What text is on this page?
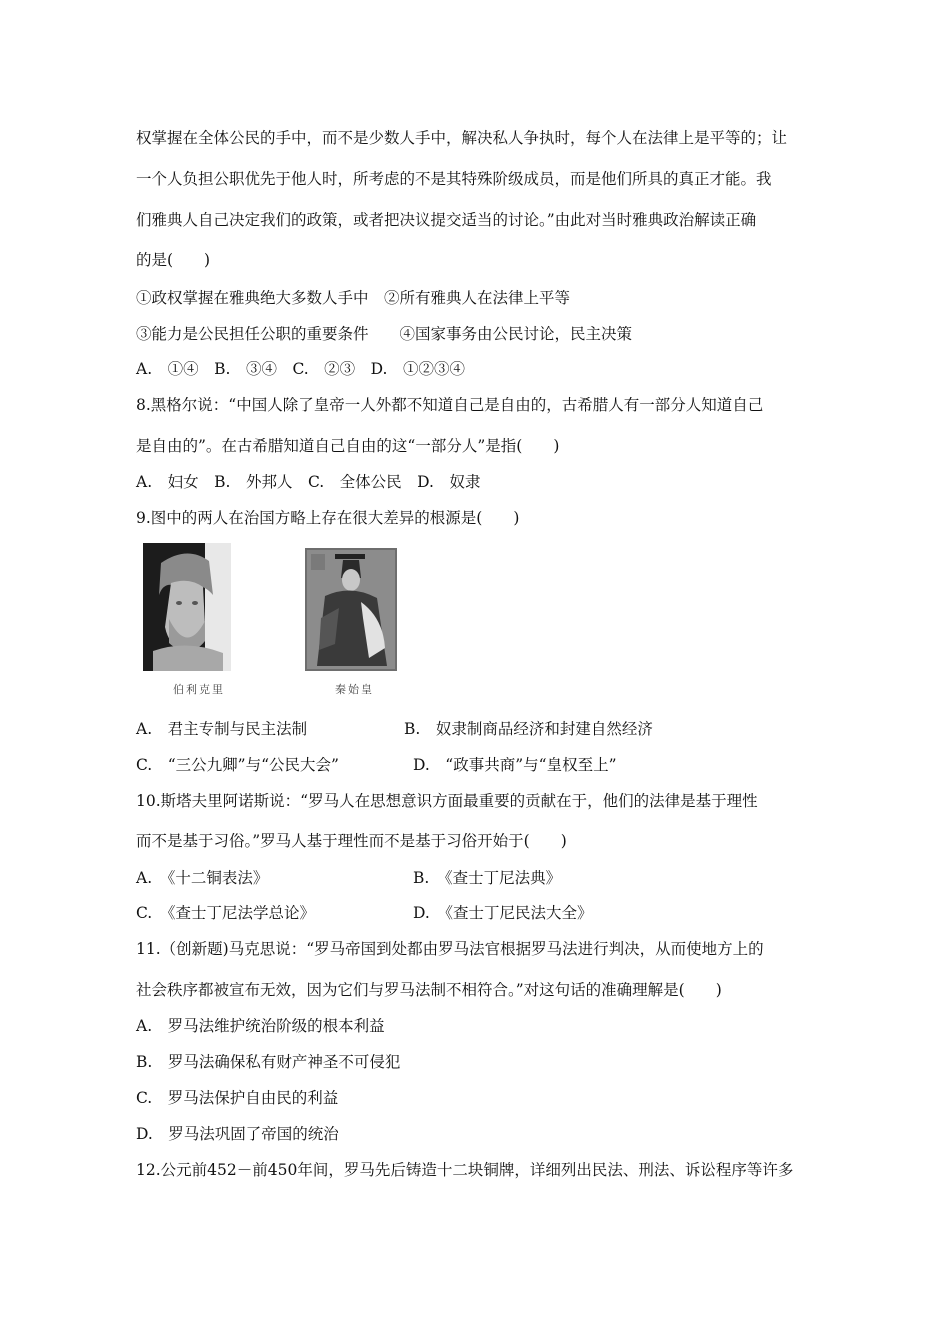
权掌握在全体公民的手中，而不是少数人手中，解决私人争执时，每个人在法律上是平等的；让
一个人负担公职优先于他人时，所考虑的不是其特殊阶级成员，而是他们所具的真正才能。我
们雅典人自己决定我们的政策，或者把决议提交适当的讨论。”由此对当时雅典政治解读正确
的是(　　)
①政权掌握在雅典绝大多数人手中　②所有雅典人在法律上平等
③能力是公民担任公职的重要条件　　④国家事务由公民讨论，民主决策
A.　①④　B.　③④　C.　②③　D.　①②③④
8.黑格尔说：“中国人除了皇帝一人外都不知道自己是自由的，古希腊人有一部分人知道自己
是自由的”。在古希腊知道自己自由的这“一部分人”是指(　　)
A.　妇女　B.　外邦人　C.　全体公民　D.　奴隶
9.图中的两人在治国方略上存在很大差异的根源是(　　)
伯利克里	秦始皇
A.　君主专制与民主法制	B.　奴隶制商品经济和封建自然经济
C.　“三公九卿”与“公民大会”	D.　“政事共商”与“皇权至上”
10.斯塔夫里阿诺斯说：“罗马人在思想意识方面最重要的贡献在于，他们的法律是基于理性
而不是基于习俗。”罗马人基于理性而不是基于习俗开始于(　　)
A.　《十二铜表法》	B.　《查士丁尼法典》
C.　《查士丁尼法学总论》	D.　《查士丁尼民法大全》
11.（创新题)马克思说：“罗马帝国到处都由罗马法官根据罗马法进行判决，从而使地方上的
社会秩序都被宣布无效，因为它们与罗马法制不相符合。”对这句话的准确理解是(　　)
A.　罗马法维护统治阶级的根本利益
B.　罗马法确保私有财产神圣不可侵犯
C.　罗马法保护自由民的利益
D.　罗马法巩固了帝国的统治
12.公元前452－前450年间，罗马先后铸造十二块铜牌，详细列出民法、刑法、诉讼程序等许多
